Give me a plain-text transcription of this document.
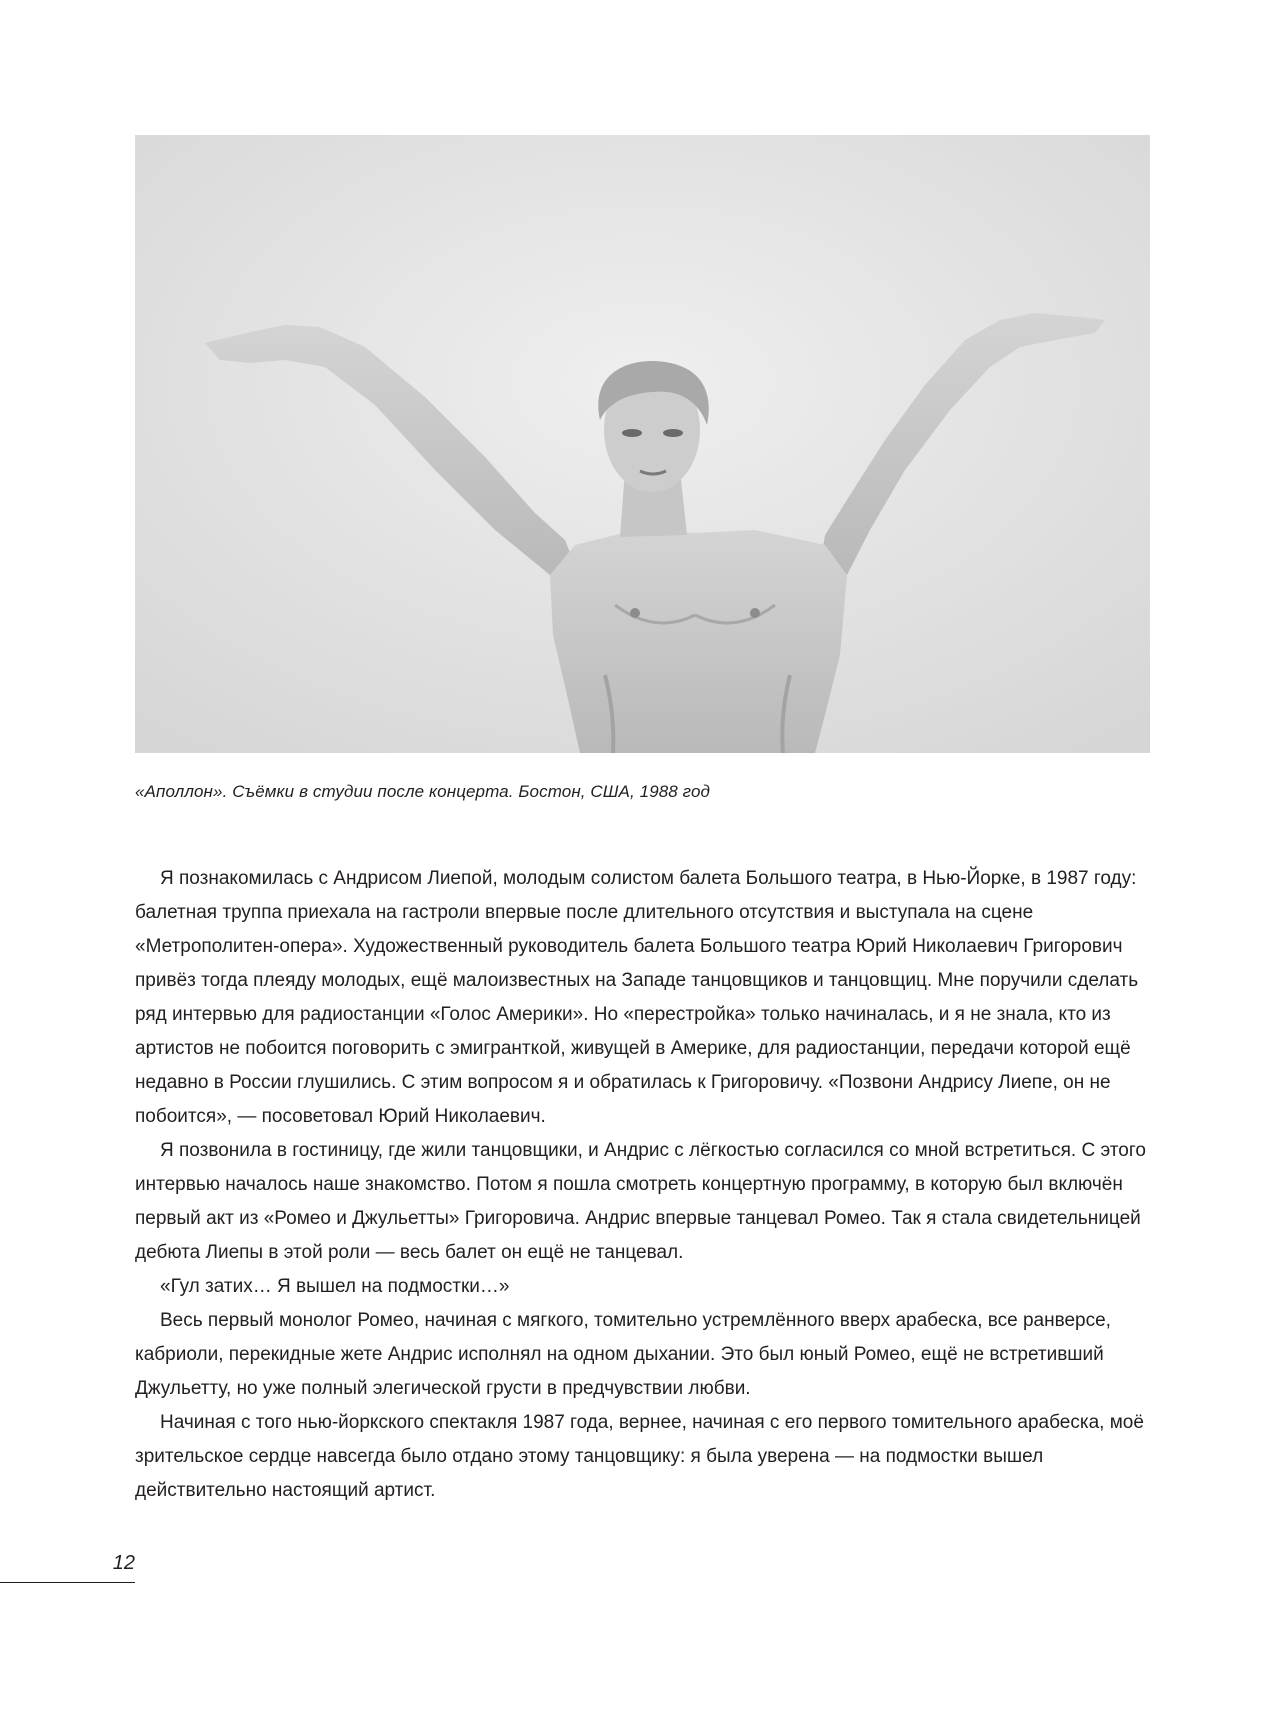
«Аполлон». Съёмки в студии после концерта. Бостон, США, 1988 год

Я познакомилась с Андрисом Лиепой, молодым солистом балета Большого театра, в Нью-Йорке, в 1987 году: балетная труппа приехала на гастроли впервые после длительного отсутствия и выступала на сцене «Метрополитен-опера». Художественный руководитель балета Большого театра Юрий Николаевич Григорович привёз тогда плеяду молодых, ещё малоизвестных на Западе танцовщиков и танцовщиц. Мне поручили сделать ряд интервью для радиостанции «Голос Америки». Но «перестройка» только начиналась, и я не знала, кто из артистов не побоится поговорить с эмигранткой, живущей в Америке, для радиостанции, передачи которой ещё недавно в России глушились. С этим вопросом я и обратилась к Григоровичу. «Позвони Андрису Лиепе, он не побоится», — посоветовал Юрий Николаевич.

Я позвонила в гостиницу, где жили танцовщики, и Андрис с лёгкостью согласился со мной встретиться. С этого интервью началось наше знакомство. Потом я пошла смотреть концертную программу, в которую был включён первый акт из «Ромео и Джульетты» Григоровича. Андрис впервые танцевал Ромео. Так я стала свидетельницей дебюта Лиепы в этой роли — весь балет он ещё не танцевал.

«Гул затих… Я вышел на подмостки…»

Весь первый монолог Ромео, начиная с мягкого, томительно устремлённого вверх арабеска, все ранверсе, кабриоли, перекидные жете Андрис исполнял на одном дыхании. Это был юный Ромео, ещё не встретивший Джульетту, но уже полный элегической грусти в предчувствии любви.

Начиная с того нью-йоркского спектакля 1987 года, вернее, начиная с его первого томительного арабеска, моё зрительское сердце навсегда было отдано этому танцовщику: я была уверена — на подмостки вышел действительно настоящий артист.

12
